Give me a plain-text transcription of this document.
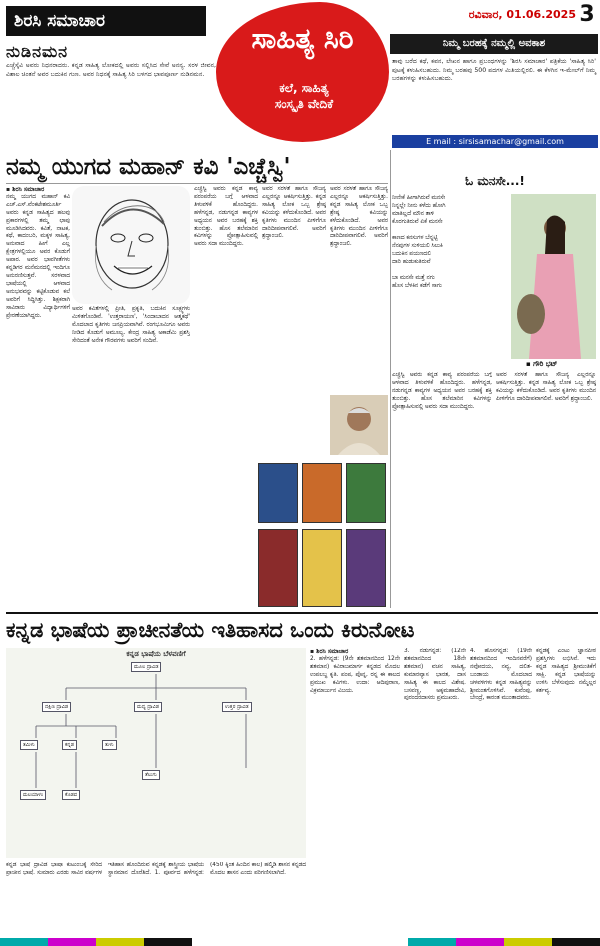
ಶಿರಸಿ ಸಮಾಚಾರ
ನುಡಿನಮನ
ಎಚ್ಚೆಸ್ಕೆವಿ ಅವರು ನಿಧನರಾದರು. ಕನ್ನಡ ಸಾಹಿತ್ಯ ಲೋಕದಲ್ಲಿ ಅವರು ಸಲ್ಲಿಸಿದ ಸೇವೆ ಅನನ್ಯ. ಸರಳ ಜೀವನ, ವಿಶಾಲ ಚಿಂತನೆ ಅವರ ಬದುಕಿನ ಗುಣ. ಅವರ ನಿಧನಕ್ಕೆ ಸಾಹಿತ್ಯ ಸಿರಿ ಬಳಗದ ಭಾವಪೂರ್ಣ ನುಡಿನಮನ.
ಸಾಹಿತ್ಯ ಸಿರಿ
ಕಲೆ, ಸಾಹಿತ್ಯ
ಸಂಸ್ಕೃತಿ ವೇದಿಕೆ
ರವಿವಾರ, 01.06.2025 3
ನಿಮ್ಮ ಬರಹಕ್ಕೆ ನಮ್ಮಲ್ಲಿ ಅವಕಾಶ
ತಾವು ಬರೆದ ಕಥೆ, ಕವನ, ಲೇಖನ ಹಾಗೂ ಪ್ರಬಂಧಗಳನ್ನು 'ಶಿರಸಿ ಸಮಾಚಾರ' ಪತ್ರಿಕೆಯ 'ಸಾಹಿತ್ಯ ಸಿರಿ' ಪುಟಕ್ಕೆ ಕಳುಹಿಸಬಹುದು. ನಿಮ್ಮ ಬರಹವು 500 ಪದಗಳ ಮಿತಿಯಲ್ಲಿರಲಿ. ಈ ಕೆಳಗಿನ ಇ-ಮೇಲ್‌ಗೆ ನಿಮ್ಮ ಬರಹಗಳನ್ನು ಕಳುಹಿಸಬಹುದು.
E mail : sirsisamachar@gmail.com
ನಮ್ಮ ಯುಗದ ಮಹಾನ್ ಕವಿ 'ಎಚ್ಚೆಸ್ವಿ'
▪ ಶಿರಸಿ ಸಮಾಚಾರ
ನಮ್ಮ ಯುಗದ ಮಹಾನ್ ಕವಿ ಎಚ್.ಎಸ್.ವೆಂಕಟೇಶಮೂರ್ತಿ ಅವರು ಕನ್ನಡ ಸಾಹಿತ್ಯದ ಹಲವು ಪ್ರಕಾರಗಳಲ್ಲಿ ತಮ್ಮ ಛಾಪು ಮೂಡಿಸಿದವರು. ಕವಿತೆ, ನಾಟಕ, ಕಥೆ, ಕಾದಂಬರಿ, ಮಕ್ಕಳ ಸಾಹಿತ್ಯ, ಅನುವಾದ ಹೀಗೆ ಎಲ್ಲ ಕ್ಷೇತ್ರಗಳಲ್ಲಿಯೂ ಅವರ ಕೊಡುಗೆ ಅಪಾರ. ಅವರ ಭಾವಗೀತೆಗಳು ಕನ್ನಡಿಗರ ಮನೆಮನದಲ್ಲಿ ಇಂದಿಗೂ ಅನುರಣಿಸುತ್ತವೆ. ಸರಳವಾದ ಭಾಷೆಯಲ್ಲಿ ಆಳವಾದ ಅನುಭವವನ್ನು ಕಟ್ಟಿಕೊಡುವ ಕಲೆ ಅವರಿಗೆ ಸಿದ್ಧಿಸಿತ್ತು. ಶಿಕ್ಷಕರಾಗಿ ಸಾವಿರಾರು ವಿದ್ಯಾರ್ಥಿಗಳಿಗೆ ಪ್ರೇರಣೆಯಾಗಿದ್ದರು.
ಅವರ ಕವಿತೆಗಳಲ್ಲಿ ಪ್ರೀತಿ, ಪ್ರಕೃತಿ, ಬದುಕಿನ ಸೂಕ್ಷ್ಮಗಳು ಮಿಳಿತಗೊಂಡಿವೆ. 'ಉತ್ತರಾಯಣ', 'ಸಿಂದಾಬಾದನ ಆತ್ಮಕಥೆ' ಮೊದಲಾದ ಕೃತಿಗಳು ಜನಪ್ರಿಯವಾಗಿವೆ. ರಂಗಭೂಮಿಗೂ ಅವರು ನೀಡಿದ ಕೊಡುಗೆ ಅಮೂಲ್ಯ. ಕೇಂದ್ರ ಸಾಹಿತ್ಯ ಅಕಾಡೆಮಿ ಪ್ರಶಸ್ತಿ ಸೇರಿದಂತೆ ಅನೇಕ ಗೌರವಗಳು ಅವರಿಗೆ ಸಂದಿವೆ.
ಎಚ್ಚೆಸ್ವಿ ಅವರು ಕನ್ನಡ ಕಾವ್ಯ ಪರಂಪರೆಯ ಬಗ್ಗೆ ಆಳವಾದ ತಿಳುವಳಿಕೆ ಹೊಂದಿದ್ದರು. ಹಳೆಗನ್ನಡ, ನಡುಗನ್ನಡ ಕಾವ್ಯಗಳ ಅಧ್ಯಯನ ಅವರ ಬರಹಕ್ಕೆ ಶಕ್ತಿ ತುಂಬಿತ್ತು. ಹೊಸ ತಲೆಮಾರಿನ ಕವಿಗಳನ್ನು ಪ್ರೋತ್ಸಾಹಿಸುವಲ್ಲಿ ಅವರು ಸದಾ ಮುಂದಿದ್ದರು.
ಅವರ ಸರಳತೆ ಹಾಗೂ ಸೌಜನ್ಯ ಎಲ್ಲರನ್ನೂ ಆಕರ್ಷಿಸುತ್ತಿತ್ತು. ಕನ್ನಡ ಸಾಹಿತ್ಯ ಲೋಕ ಒಬ್ಬ ಶ್ರೇಷ್ಠ ಕವಿಯನ್ನು ಕಳೆದುಕೊಂಡಿದೆ. ಅವರ ಕೃತಿಗಳು ಮುಂದಿನ ಪೀಳಿಗೆಗೂ ದಾರಿದೀಪವಾಗಲಿವೆ. ಅವರಿಗೆ ಶ್ರದ್ಧಾಂಜಲಿ.
ಅವರ ಸರಳತೆ ಹಾಗೂ ಸೌಜನ್ಯ ಎಲ್ಲರನ್ನೂ ಆಕರ್ಷಿಸುತ್ತಿತ್ತು. ಕನ್ನಡ ಸಾಹಿತ್ಯ ಲೋಕ ಒಬ್ಬ ಶ್ರೇಷ್ಠ ಕವಿಯನ್ನು ಕಳೆದುಕೊಂಡಿದೆ. ಅವರ ಕೃತಿಗಳು ಮುಂದಿನ ಪೀಳಿಗೆಗೂ ದಾರಿದೀಪವಾಗಲಿವೆ. ಅವರಿಗೆ ಶ್ರದ್ಧಾಂಜಲಿ.
ಓ ಮನಸೇ...!
ನೀನೇಕೆ ಹೀಗಾಗಿರುವೆ ಮನಸೇ
ನಿನ್ನಲ್ಲೇ ನೀನು ಕಳೆದು ಹೋಗಿ
ಮಾತಿಲ್ಲದೆ ಮೌನ ತಾಳಿ
ಕೊರಗುತಿರುವೆ ಏಕೆ ಮನಸೇ

ಕಾಣದ ಕನಸುಗಳ ಬೆನ್ನಟ್ಟಿ
ನೆನಪುಗಳ ಸುಳಿಯಲಿ ಸಿಲುಕಿ
ಬದುಕಿನ ಪಯಣದಲಿ
ದಾರಿ ಹುಡುಕುತಿರುವೆ

ಬಾ ಮನಸೇ ಮತ್ತೆ ನಗು
ಹೊಸ ಬೆಳಕಿನ ಕಡೆಗೆ ಸಾಗು
▪ ಗೌರಿ ಭಟ್
ಎಚ್ಚೆಸ್ವಿ ಅವರು ಕನ್ನಡ ಕಾವ್ಯ ಪರಂಪರೆಯ ಬಗ್ಗೆ ಆಳವಾದ ತಿಳುವಳಿಕೆ ಹೊಂದಿದ್ದರು. ಹಳೆಗನ್ನಡ, ನಡುಗನ್ನಡ ಕಾವ್ಯಗಳ ಅಧ್ಯಯನ ಅವರ ಬರಹಕ್ಕೆ ಶಕ್ತಿ ತುಂಬಿತ್ತು. ಹೊಸ ತಲೆಮಾರಿನ ಕವಿಗಳನ್ನು ಪ್ರೋತ್ಸಾಹಿಸುವಲ್ಲಿ ಅವರು ಸದಾ ಮುಂದಿದ್ದರು.
ಅವರ ಸರಳತೆ ಹಾಗೂ ಸೌಜನ್ಯ ಎಲ್ಲರನ್ನೂ ಆಕರ್ಷಿಸುತ್ತಿತ್ತು. ಕನ್ನಡ ಸಾಹಿತ್ಯ ಲೋಕ ಒಬ್ಬ ಶ್ರೇಷ್ಠ ಕವಿಯನ್ನು ಕಳೆದುಕೊಂಡಿದೆ. ಅವರ ಕೃತಿಗಳು ಮುಂದಿನ ಪೀಳಿಗೆಗೂ ದಾರಿದೀಪವಾಗಲಿವೆ. ಅವರಿಗೆ ಶ್ರದ್ಧಾಂಜಲಿ.
ಕನ್ನಡ ಭಾಷೆಯ ಪ್ರಾಚೀನತೆಯ ಇತಿಹಾಸದ ಒಂದು ಕಿರುನೋಟ
ಕನ್ನಡ ಭಾಷೆಯ ಬೆಳವಣಿಗೆ
ಮೂಲ ದ್ರಾವಿಡ
ದಕ್ಷಿಣ ದ್ರಾವಿಡ	ಮಧ್ಯ ದ್ರಾವಿಡ	ಉತ್ತರ ದ್ರಾವಿಡ
ತಮಿಳು	ಕನ್ನಡ	ತುಳು
ತೆಲುಗು
ಮಲಯಾಳಂ	ಕೊಡವ
ಕನ್ನಡ ಭಾಷೆ ದ್ರಾವಿಡ ಭಾಷಾ ಕುಟುಂಬಕ್ಕೆ ಸೇರಿದ ಪ್ರಾಚೀನ ಭಾಷೆ. ಸುಮಾರು ಎರಡು ಸಾವಿರ ವರ್ಷಗಳ ಇತಿಹಾಸ ಹೊಂದಿರುವ ಕನ್ನಡಕ್ಕೆ ಶಾಸ್ತ್ರೀಯ ಭಾಷೆಯ ಸ್ಥಾನಮಾನ ದೊರೆತಿದೆ. 1. ಪೂರ್ವದ ಹಳೆಗನ್ನಡ: (450 ಕ್ಕಿಂತ ಹಿಂದಿನ ಕಾಲ) ಹಲ್ಮಿಡಿ ಶಾಸನ ಕನ್ನಡದ ಮೊದಲ ಶಾಸನ ಎಂದು ಪರಿಗಣಿಸಲಾಗಿದೆ.
▪ ಶಿರಸಿ ಸಮಾಚಾರ
2. ಹಳೆಗನ್ನಡ: (9ನೇ ಶತಮಾನದಿಂದ 12ನೇ ಶತಮಾನ) ಕವಿರಾಜಮಾರ್ಗ ಕನ್ನಡದ ಮೊದಲ ಉಪಲಬ್ಧ ಕೃತಿ. ಪಂಪ, ಪೊನ್ನ, ರನ್ನ ಈ ಕಾಲದ ಪ್ರಮುಖ ಕವಿಗಳು. ಉದಾ: ಆದಿಪುರಾಣ, ವಿಕ್ರಮಾರ್ಜುನ ವಿಜಯ.
3. ನಡುಗನ್ನಡ: (12ನೇ ಶತಮಾನದಿಂದ 18ನೇ ಶತಮಾನ) ವಚನ ಸಾಹಿತ್ಯ, ಕುಮಾರವ್ಯಾಸ ಭಾರತ, ದಾಸ ಸಾಹಿತ್ಯ ಈ ಕಾಲದ ವಿಶೇಷ. ಬಸವಣ್ಣ, ಅಕ್ಕಮಹಾದೇವಿ, ಪುರಂದರದಾಸರು ಪ್ರಮುಖರು.
4. ಹೊಸಗನ್ನಡ: (19ನೇ ಶತಮಾನದಿಂದ ಇಂದಿನವರೆಗೆ) ನವೋದಯ, ನವ್ಯ, ದಲಿತ-ಬಂಡಾಯ ಮೊದಲಾದ ಚಳವಳಿಗಳು ಕನ್ನಡ ಸಾಹಿತ್ಯವನ್ನು ಶ್ರೀಮಂತಗೊಳಿಸಿವೆ. ಕುವೆಂಪು, ಬೇಂದ್ರೆ, ಕಾರಂತ ಮುಂತಾದವರು.
ಕನ್ನಡಕ್ಕೆ ಎಂಟು ಜ್ಞಾನಪೀಠ ಪ್ರಶಸ್ತಿಗಳು ಲಭಿಸಿವೆ. ಇದು ಕನ್ನಡ ಸಾಹಿತ್ಯದ ಶ್ರೀಮಂತಿಕೆಗೆ ಸಾಕ್ಷಿ. ಕನ್ನಡ ಭಾಷೆಯನ್ನು ಉಳಿಸಿ ಬೆಳೆಸುವುದು ನಮ್ಮೆಲ್ಲರ ಕರ್ತವ್ಯ.
